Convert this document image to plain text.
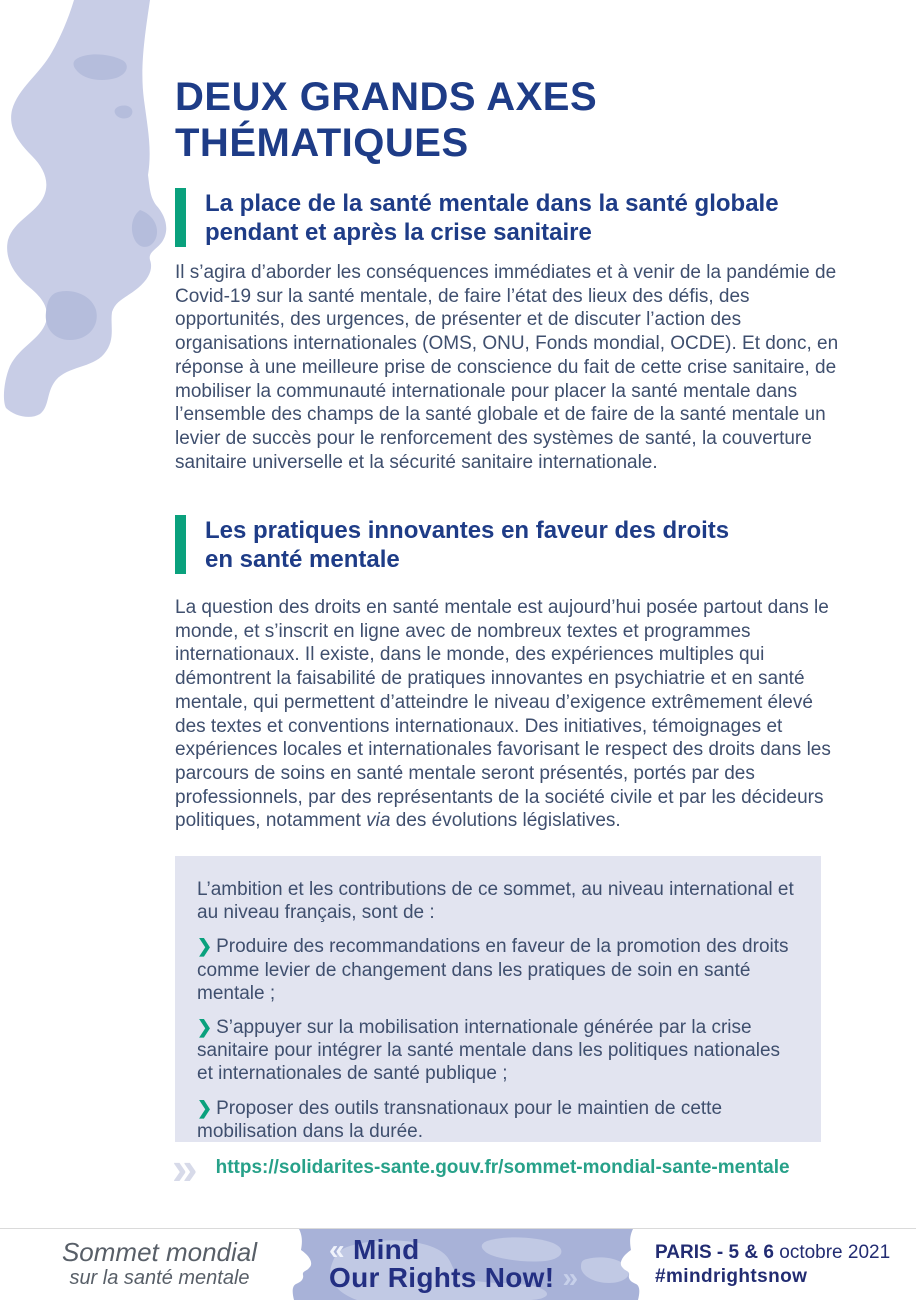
DEUX GRANDS AXES
THÉMATIQUES
La place de la santé mentale dans la santé globale
pendant et après la crise sanitaire

Il s’agira d’aborder les conséquences immédiates et à venir de la pandémie de Covid-19 sur la santé mentale, de faire l’état des lieux des défis, des opportunités, des urgences, de présenter et de discuter l’action des organisations internationales (OMS, ONU, Fonds mondial, OCDE). Et donc, en réponse à une meilleure prise de conscience du fait de cette crise sanitaire, de mobiliser la communauté internationale pour placer la santé mentale dans l’ensemble des champs de la santé globale et de faire de la santé mentale un levier de succès pour le renforcement des systèmes de santé, la couverture sanitaire universelle et la sécurité sanitaire internationale.

Les pratiques innovantes en faveur des droits
en santé mentale

La question des droits en santé mentale est aujourd’hui posée partout dans le monde, et s’inscrit en ligne avec de nombreux textes et programmes internationaux. Il existe, dans le monde, des expériences multiples qui démontrent la faisabilité de pratiques innovantes en psychiatrie et en santé mentale, qui permettent d’atteindre le niveau d’exigence extrêmement élevé des textes et conventions internationaux. Des initiatives, témoignages et expériences locales et internationales favorisant le respect des droits dans les parcours de soins en santé mentale seront présentés, portés par des professionnels, par des représentants de la société civile et par les décideurs politiques, notamment via des évolutions législatives.

L’ambition et les contributions de ce sommet, au niveau international et au niveau français, sont de :

❯ Produire des recommandations en faveur de la promotion des droits comme levier de changement dans les pratiques de soin en santé mentale ;

❯ S’appuyer sur la mobilisation internationale générée par la crise sanitaire pour intégrer la santé mentale dans les politiques nationales et internationales de santé publique ;

❯ Proposer des outils transnationaux pour le maintien de cette mobilisation dans la durée.

» https://solidarites-sante.gouv.fr/sommet-mondial-sante-mentale
Sommet mondial
sur la santé mentale
« Mind
Our Rights Now! »
PARIS - 5 & 6 octobre 2021
#mindrightsnow
